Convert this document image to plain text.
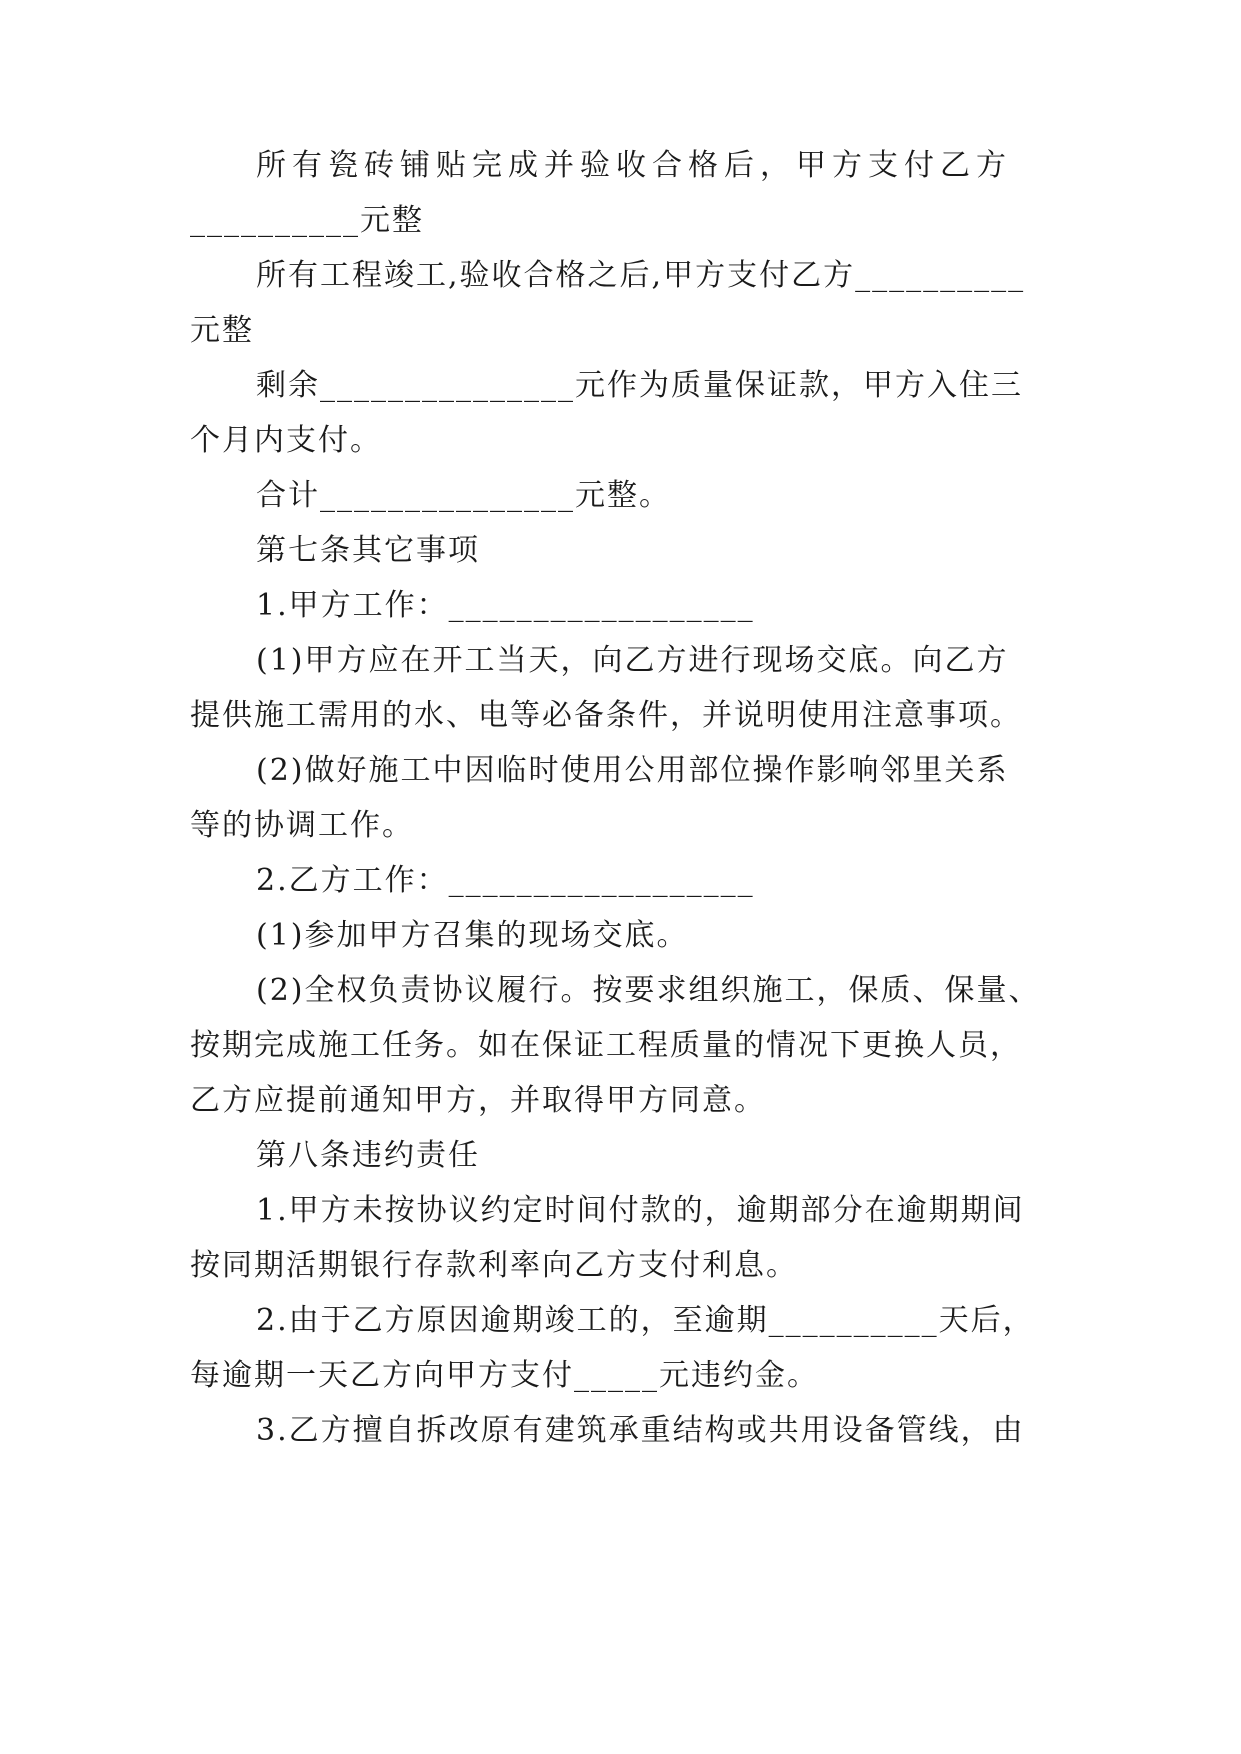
所有瓷砖铺贴完成并验收合格后，甲方支付乙方
__________元整
所有工程竣工,验收合格之后,甲方支付乙方__________
元整
剩余_______________元作为质量保证款，甲方入住三
个月内支付。
合计_______________元整。
第七条其它事项
1.甲方工作：__________________
(1)甲方应在开工当天，向乙方进行现场交底。向乙方
提供施工需用的水、电等必备条件，并说明使用注意事项。
(2)做好施工中因临时使用公用部位操作影响邻里关系
等的协调工作。
2.乙方工作：__________________
(1)参加甲方召集的现场交底。
(2)全权负责协议履行。按要求组织施工，保质、保量、
按期完成施工任务。如在保证工程质量的情况下更换人员，
乙方应提前通知甲方，并取得甲方同意。
第八条违约责任
1.甲方未按协议约定时间付款的，逾期部分在逾期期间
按同期活期银行存款利率向乙方支付利息。
2.由于乙方原因逾期竣工的，至逾期__________天后，
每逾期一天乙方向甲方支付_____元违约金。
3.乙方擅自拆改原有建筑承重结构或共用设备管线，由
